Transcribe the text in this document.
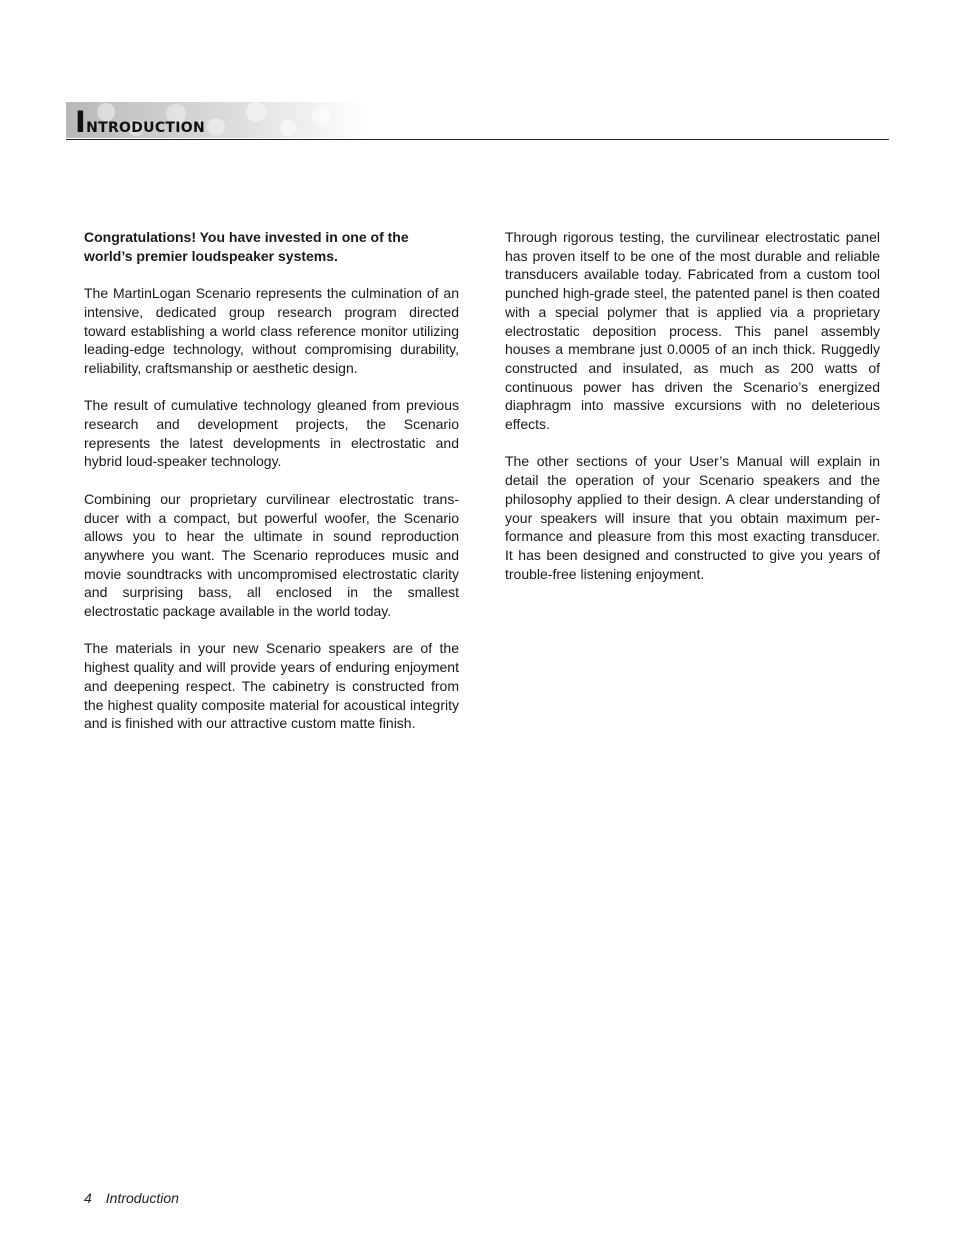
Introduction

Congratulations! You have invested in one of the world’s premier loudspeaker systems.

The MartinLogan Scenario represents the culmination of an intensive, dedicated group research program directed toward establishing a world class reference monitor utilizing leading-edge technology, without compromising durability, reliability, craftsmanship or aesthetic design.

The result of cumulative technology gleaned from previous research and development projects, the Scenario represents the latest developments in electrostatic and hybrid loud-speaker technology.

Combining our proprietary curvilinear electrostatic trans-ducer with a compact, but powerful woofer, the Scenario allows you to hear the ultimate in sound reproduction anywhere you want. The Scenario reproduces music and movie soundtracks with uncompromised electrostatic clarity and surprising bass, all enclosed in the smallest electrostatic package available in the world today.

The materials in your new Scenario speakers are of the highest quality and will provide years of enduring enjoyment and deepening respect. The cabinetry is constructed from the highest quality composite material for acoustical integrity and is finished with our attractive custom matte finish.

Through rigorous testing, the curvilinear electrostatic panel has proven itself to be one of the most durable and reliable transducers available today. Fabricated from a custom tool punched high-grade steel, the patented panel is then coated with a special polymer that is applied via a proprietary electrostatic deposition process. This panel assembly houses a membrane just 0.0005 of an inch thick. Ruggedly constructed and insulated, as much as 200 watts of continuous power has driven the Scenario’s energized diaphragm into massive excursions with no deleterious effects.

The other sections of your User’s Manual will explain in detail the operation of your Scenario speakers and the philosophy applied to their design. A clear understanding of your speakers will insure that you obtain maximum per-formance and pleasure from this most exacting transducer. It has been designed and constructed to give you years of trouble-free listening enjoyment.

4 Introduction
